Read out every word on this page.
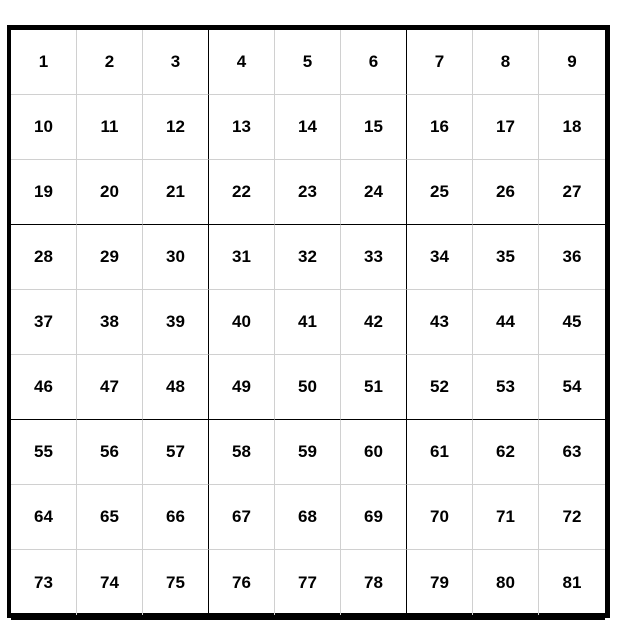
1	2	3	4	5	6	7	8	9
10	11	12	13	14	15	16	17	18
19	20	21	22	23	24	25	26	27
28	29	30	31	32	33	34	35	36
37	38	39	40	41	42	43	44	45
46	47	48	49	50	51	52	53	54
55	56	57	58	59	60	61	62	63
64	65	66	67	68	69	70	71	72
73	74	75	76	77	78	79	80	81
